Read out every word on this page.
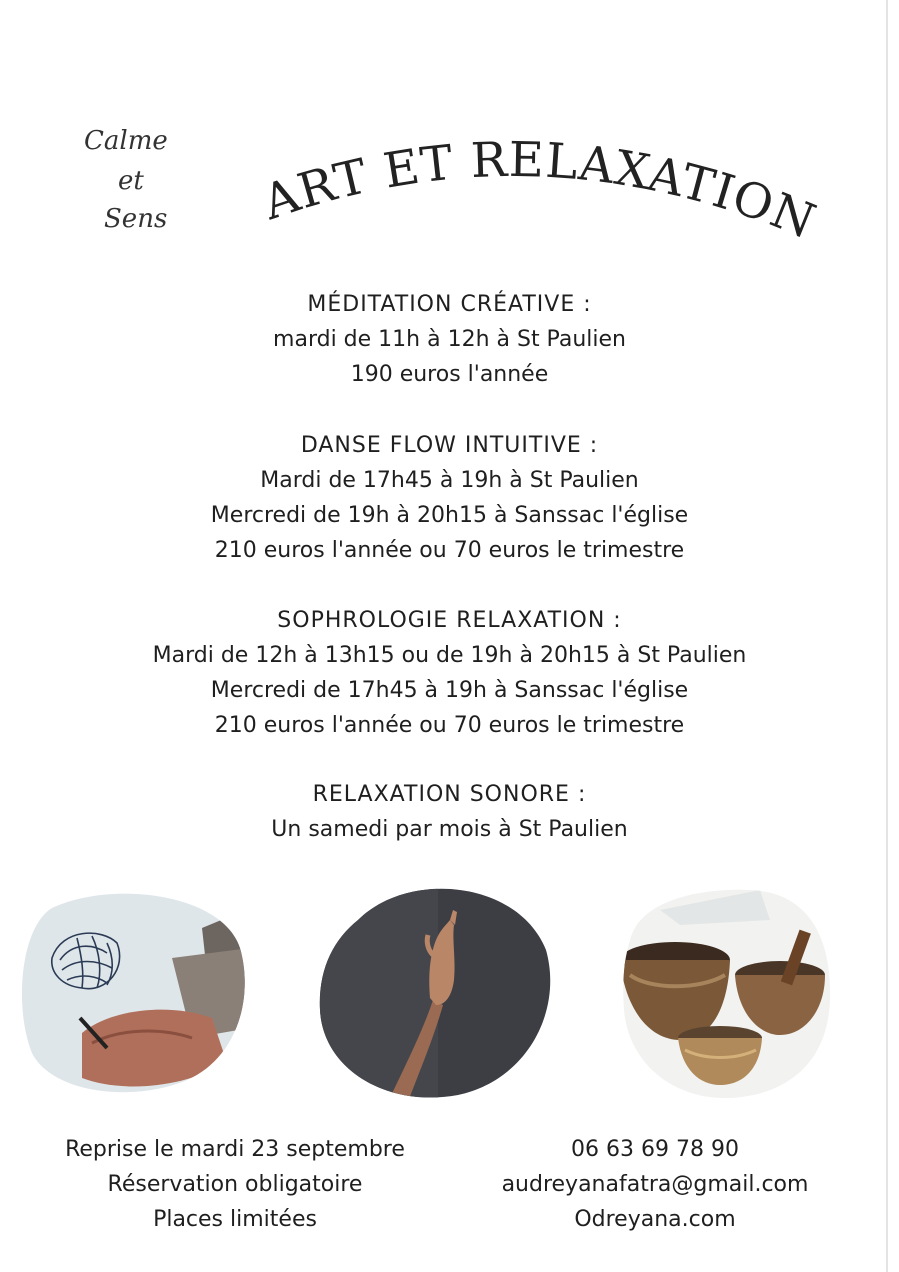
Calme
et
Sens	RT ET RELAXATION
MÉDITATION CRÉATIVE :
mardi de 11h à 12h à St Paulien
190 euros l'année
DANSE FLOW INTUITIVE :
Mardi de 17h45 à 19h à St Paulien
Mercredi de 19h à 20h15 à Sanssac l'église
210 euros l'année ou 70 euros le trimestre
SOPHROLOGIE RELAXATION :
Mardi de 12h à 13h15 ou de 19h à 20h15 à St Paulien
Mercredi de 17h45 à 19h à Sanssac l'église
210 euros l'année ou 70 euros le trimestre
RELAXATION SONORE :
Un samedi par mois à St Paulien
Reprise le mardi 23 septembre
Réservation obligatoire
Places limitées
06 63 69 78 90
audreyanafatra@gmail.com
Odreyana.com
